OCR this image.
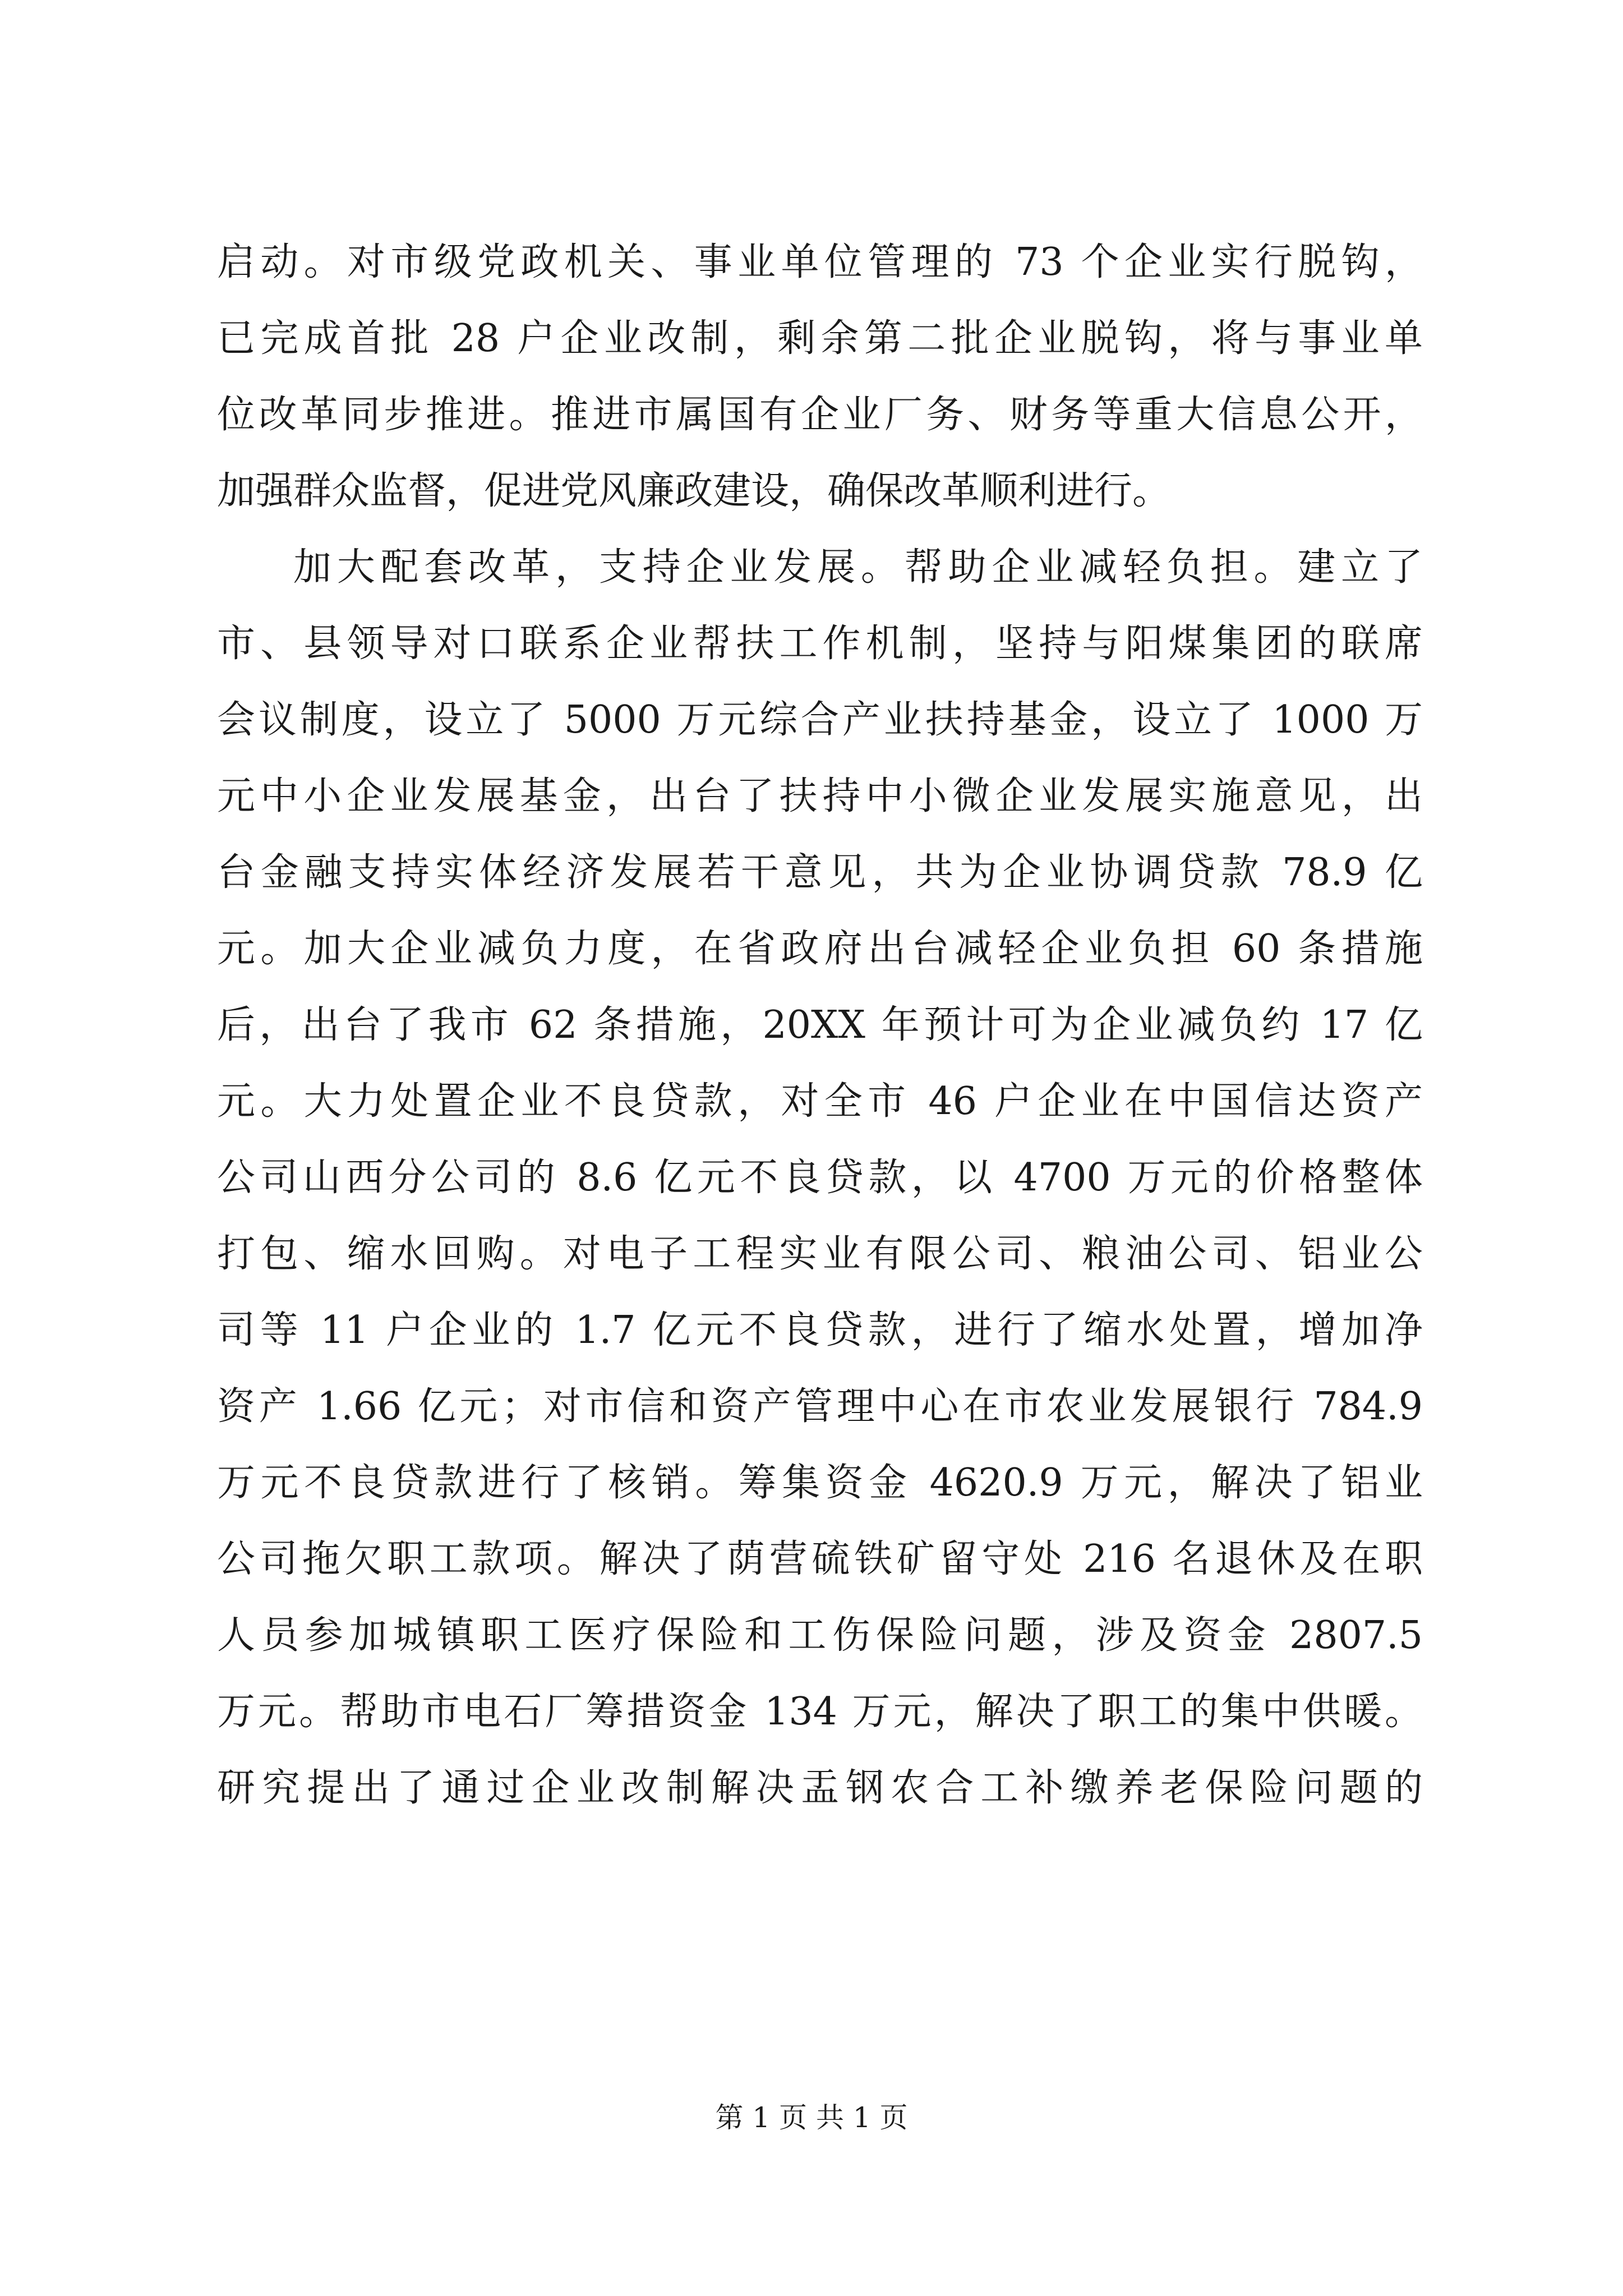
启动。对市级党政机关、事业单位管理的 73 个企业实行脱钩，
已完成首批 28 户企业改制，剩余第二批企业脱钩，将与事业单
位改革同步推进。推进市属国有企业厂务、财务等重大信息公开，
加强群众监督，促进党风廉政建设，确保改革顺利进行。
加大配套改革，支持企业发展。帮助企业减轻负担。建立了
市、县领导对口联系企业帮扶工作机制，坚持与阳煤集团的联席
会议制度，设立了 5000 万元综合产业扶持基金，设立了 1000 万
元中小企业发展基金，出台了扶持中小微企业发展实施意见，出
台金融支持实体经济发展若干意见，共为企业协调贷款 78.9 亿
元。加大企业减负力度，在省政府出台减轻企业负担 60 条措施
后，出台了我市 62 条措施，20XX 年预计可为企业减负约 17 亿
元。大力处置企业不良贷款，对全市 46 户企业在中国信达资产
公司山西分公司的 8.6 亿元不良贷款，以 4700 万元的价格整体
打包、缩水回购。对电子工程实业有限公司、粮油公司、铝业公
司等 11 户企业的 1.7 亿元不良贷款，进行了缩水处置，增加净
资产 1.66 亿元；对市信和资产管理中心在市农业发展银行 784.9
万元不良贷款进行了核销。筹集资金 4620.9 万元，解决了铝业
公司拖欠职工款项。解决了荫营硫铁矿留守处 216 名退休及在职
人员参加城镇职工医疗保险和工伤保险问题，涉及资金 2807.5
万元。帮助市电石厂筹措资金 134 万元，解决了职工的集中供暖。
研究提出了通过企业改制解决盂钢农合工补缴养老保险问题的
第 1 页 共 1 页
